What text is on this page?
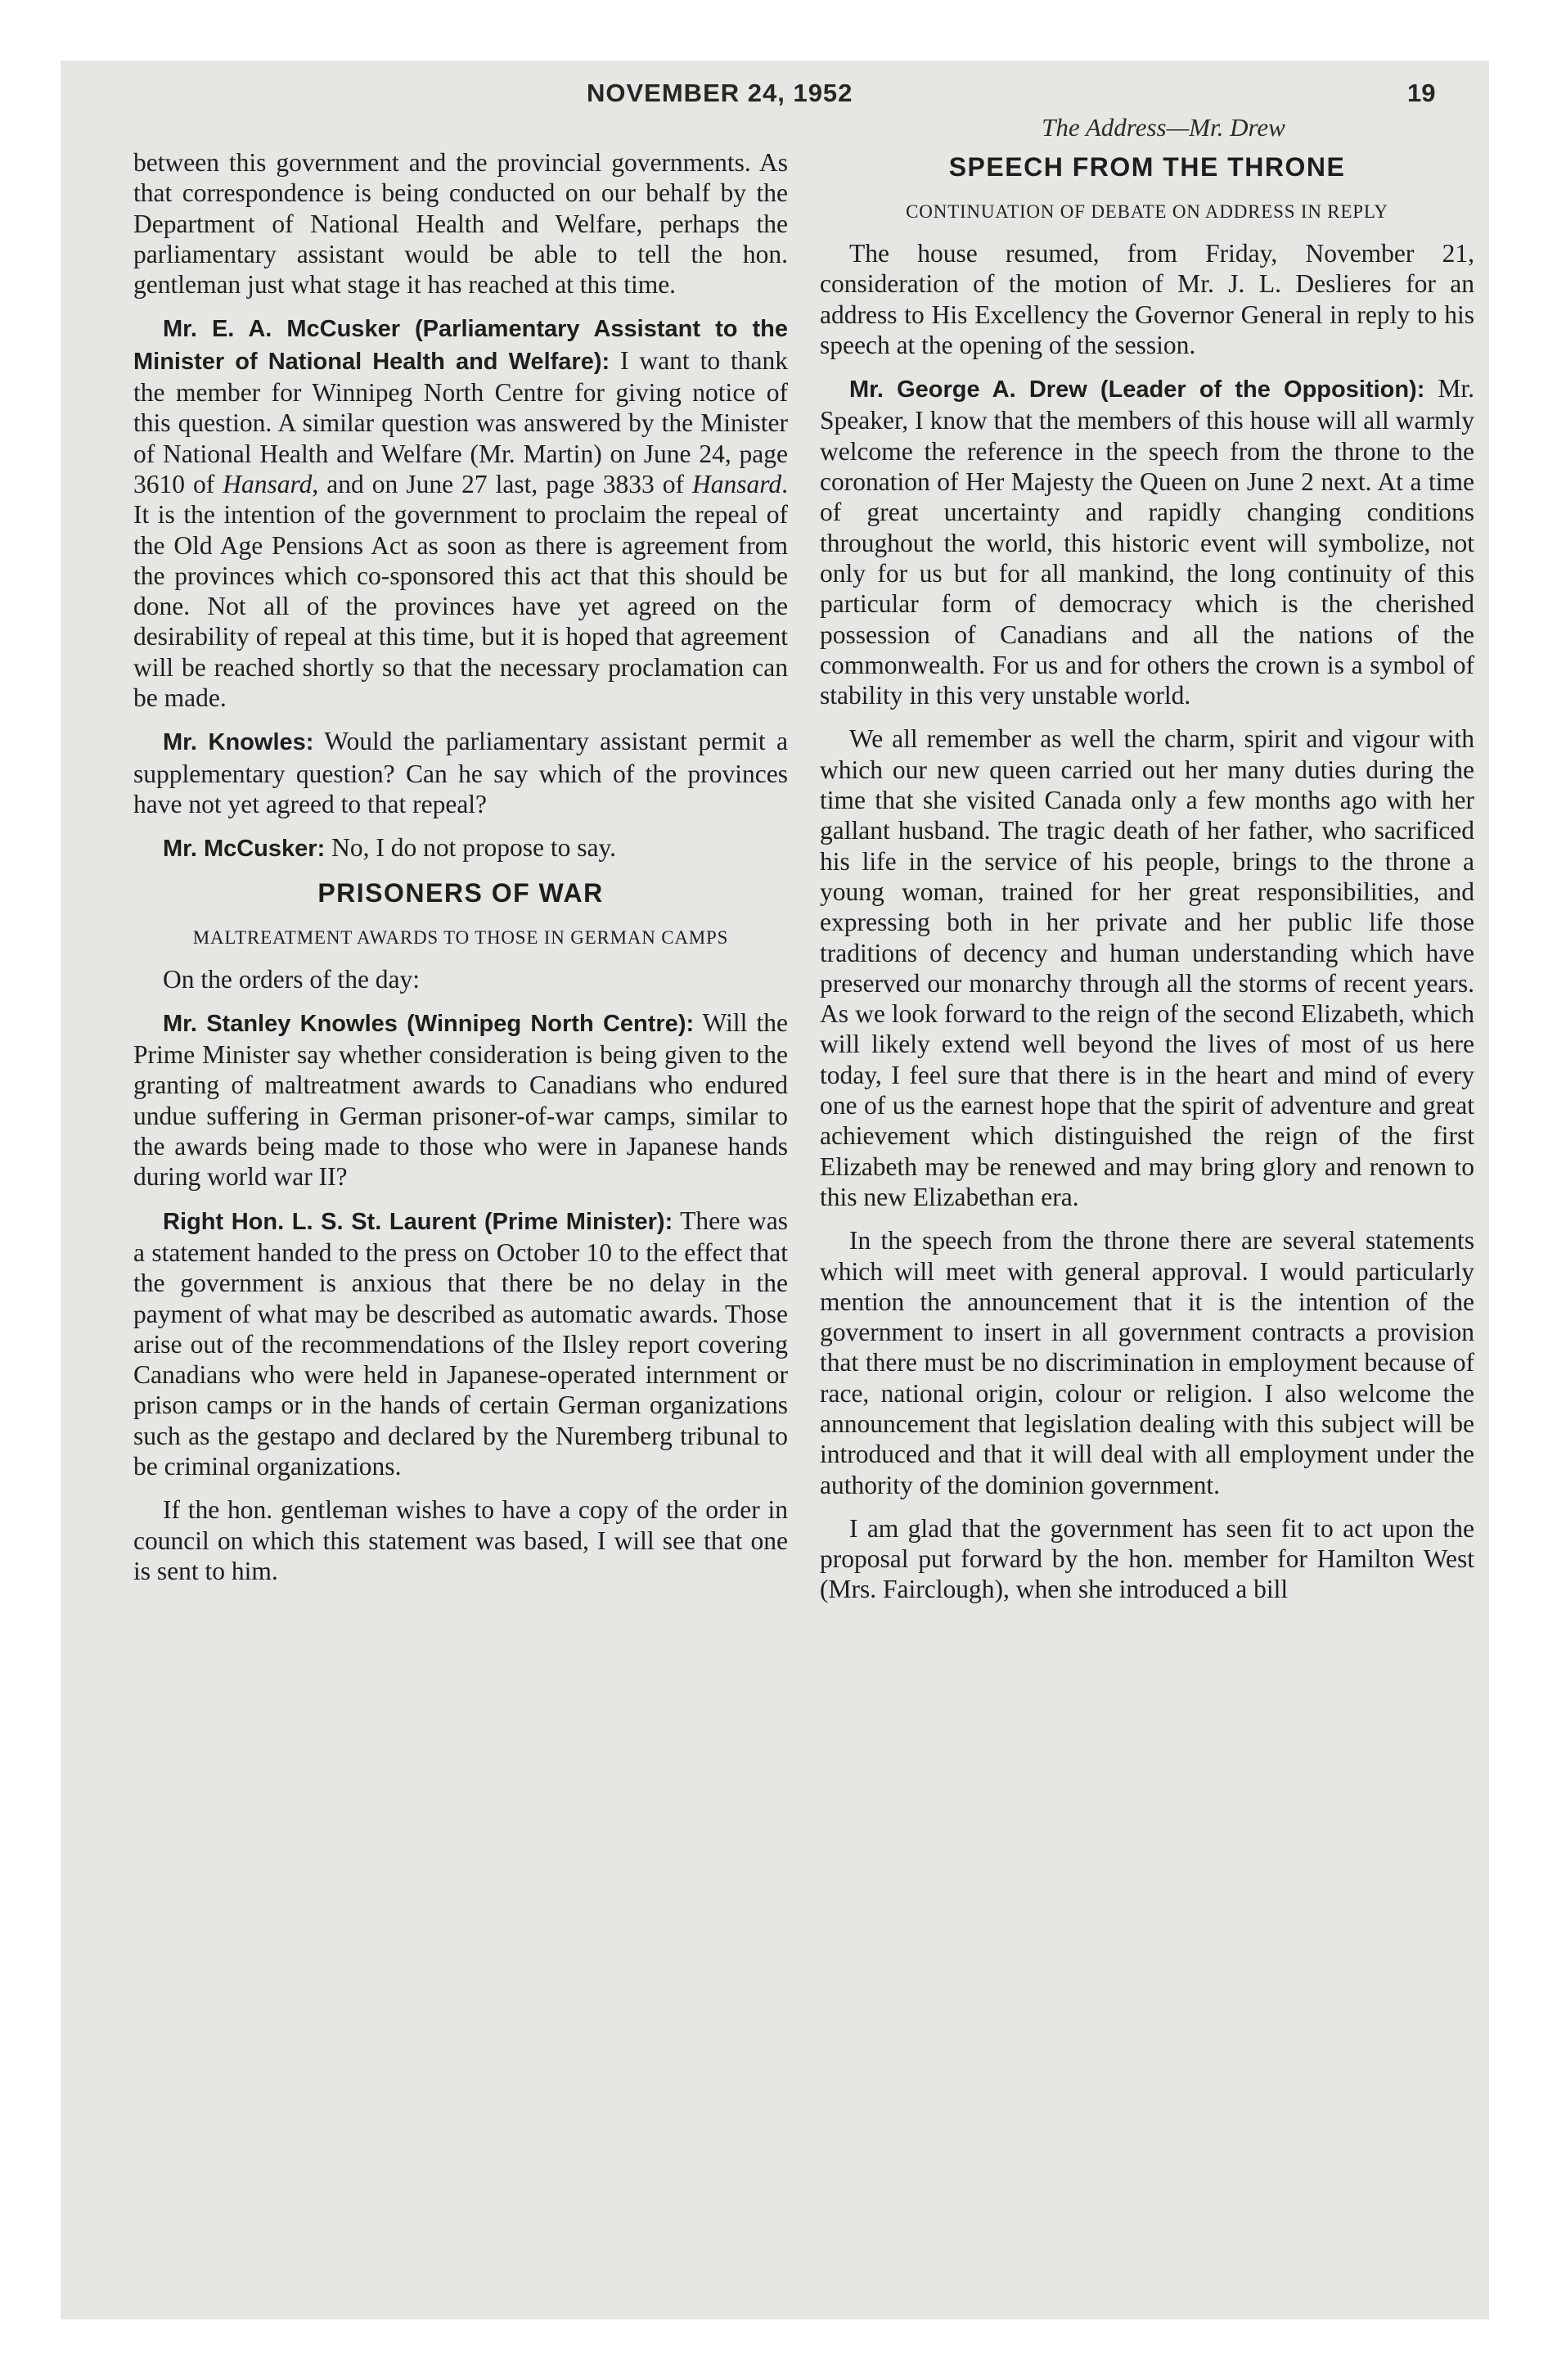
NOVEMBER 24, 1952	19
The Address—Mr. Drew

between this government and the provincial governments. As that correspondence is being conducted on our behalf by the Department of National Health and Welfare, perhaps the parliamentary assistant would be able to tell the hon. gentleman just what stage it has reached at this time.

Mr. E. A. McCusker (Parliamentary Assistant to the Minister of National Health and Welfare): I want to thank the member for Winnipeg North Centre for giving notice of this question. A similar question was answered by the Minister of National Health and Welfare (Mr. Martin) on June 24, page 3610 of Hansard, and on June 27 last, page 3833 of Hansard. It is the intention of the government to proclaim the repeal of the Old Age Pensions Act as soon as there is agreement from the provinces which co-sponsored this act that this should be done. Not all of the provinces have yet agreed on the desirability of repeal at this time, but it is hoped that agreement will be reached shortly so that the necessary proclamation can be made.

Mr. Knowles: Would the parliamentary assistant permit a supplementary question? Can he say which of the provinces have not yet agreed to that repeal?

Mr. McCusker: No, I do not propose to say.

PRISONERS OF WAR
MALTREATMENT AWARDS TO THOSE IN GERMAN CAMPS

On the orders of the day:

Mr. Stanley Knowles (Winnipeg North Centre): Will the Prime Minister say whether consideration is being given to the granting of maltreatment awards to Canadians who endured undue suffering in German prisoner-of-war camps, similar to the awards being made to those who were in Japanese hands during world war II?

Right Hon. L. S. St. Laurent (Prime Minister): There was a statement handed to the press on October 10 to the effect that the government is anxious that there be no delay in the payment of what may be described as automatic awards. Those arise out of the recommendations of the Ilsley report covering Canadians who were held in Japanese-operated internment or prison camps or in the hands of certain German organizations such as the gestapo and declared by the Nuremberg tribunal to be criminal organizations.

If the hon. gentleman wishes to have a copy of the order in council on which this statement was based, I will see that one is sent to him.

SPEECH FROM THE THRONE
CONTINUATION OF DEBATE ON ADDRESS IN REPLY

The house resumed, from Friday, November 21, consideration of the motion of Mr. J. L. Deslieres for an address to His Excellency the Governor General in reply to his speech at the opening of the session.

Mr. George A. Drew (Leader of the Opposition): Mr. Speaker, I know that the members of this house will all warmly welcome the reference in the speech from the throne to the coronation of Her Majesty the Queen on June 2 next. At a time of great uncertainty and rapidly changing conditions throughout the world, this historic event will symbolize, not only for us but for all mankind, the long continuity of this particular form of democracy which is the cherished possession of Canadians and all the nations of the commonwealth. For us and for others the crown is a symbol of stability in this very unstable world.

We all remember as well the charm, spirit and vigour with which our new queen carried out her many duties during the time that she visited Canada only a few months ago with her gallant husband. The tragic death of her father, who sacrificed his life in the service of his people, brings to the throne a young woman, trained for her great responsibilities, and expressing both in her private and her public life those traditions of decency and human understanding which have preserved our monarchy through all the storms of recent years. As we look forward to the reign of the second Elizabeth, which will likely extend well beyond the lives of most of us here today, I feel sure that there is in the heart and mind of every one of us the earnest hope that the spirit of adventure and great achievement which distinguished the reign of the first Elizabeth may be renewed and may bring glory and renown to this new Elizabethan era.

In the speech from the throne there are several statements which will meet with general approval. I would particularly mention the announcement that it is the intention of the government to insert in all government contracts a provision that there must be no discrimination in employment because of race, national origin, colour or religion. I also welcome the announcement that legislation dealing with this subject will be introduced and that it will deal with all employment under the authority of the dominion government.

I am glad that the government has seen fit to act upon the proposal put forward by the hon. member for Hamilton West (Mrs. Fairclough), when she introduced a bill
